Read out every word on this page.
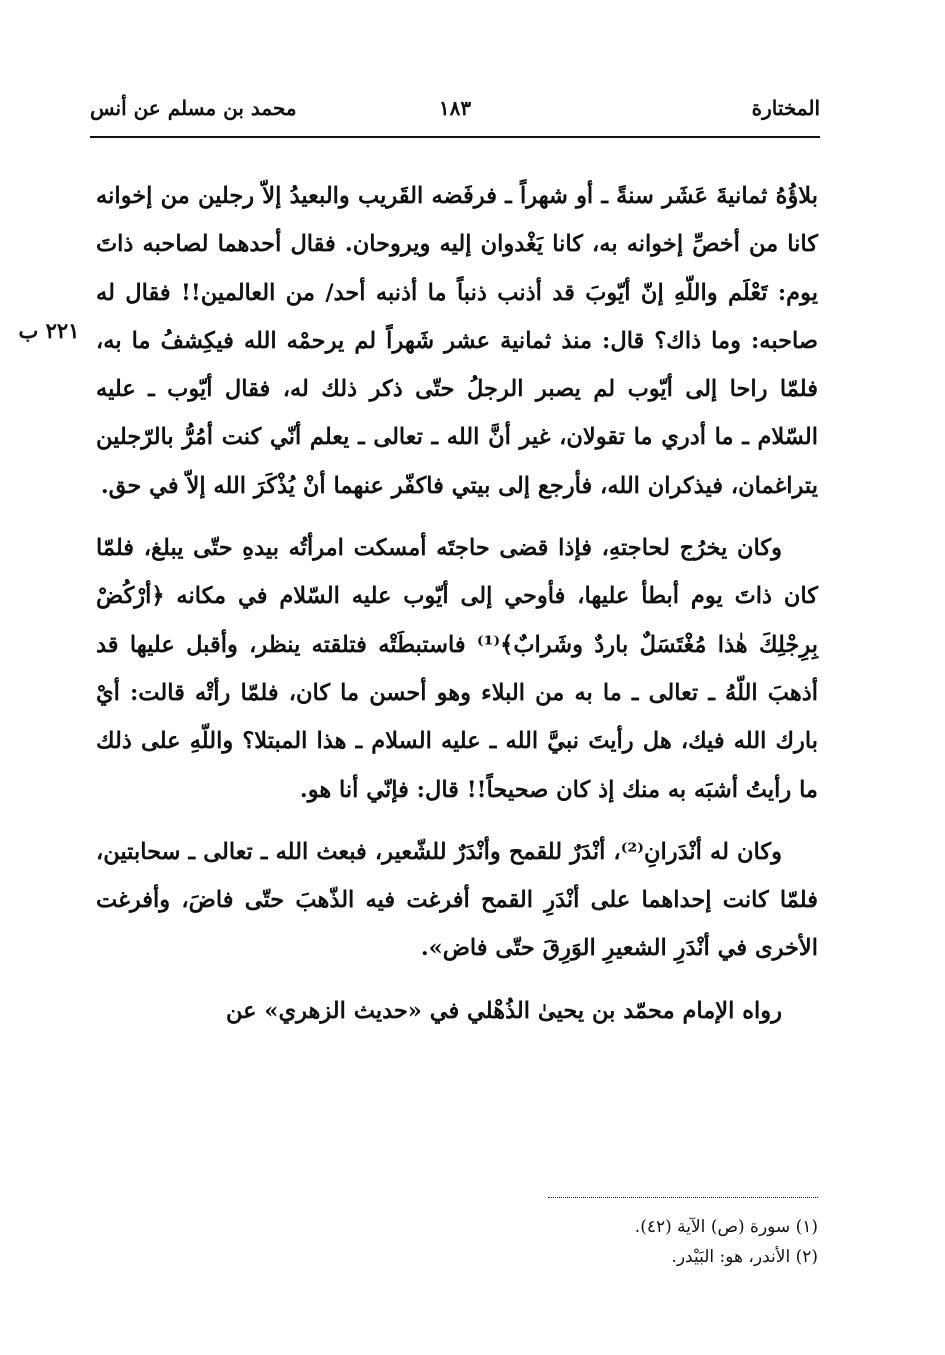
المختارة
١٨٣
محمد بن مسلم عن أنس
٢٢١ ب

بلاؤُهُ ثمانيةَ عَشَر سنةً ـ أو شهراً ـ فرفَضه القَريب والبعيدُ إلاّ رجلين من إخوانه كانا من أخصِّ إخوانه به، كانا يَغْدوان إليه ويروحان. فقال أحدهما لصاحبه ذاتَ يوم: تَعْلَم واللّهِ إنّ أيّوبَ قد أذنب ذنباً ما أذنبه أحد/ من العالمين!! فقال له صاحبه: وما ذاك؟ قال: منذ ثمانية عشر شَهراً لم يرحمْه الله فيكِشفُ ما به، فلمّا راحا إلى أيّوب لم يصبر الرجلُ حتّى ذكر ذلك له، فقال أيّوب ـ عليه السّلام ـ ما أدري ما تقولان، غير أنَّ الله ـ تعالى ـ يعلم أنّي كنت أمُرُّ بالرّجلين يتراغمان، فيذكران الله، فأرجع إلى بيتي فاكفّر عنهما أنْ يُذْكَرَ الله إلاّ في حق.

وكان يخرُج لحاجتهِ، فإذا قضى حاجتَه أمسكت امرأتُه بيدهِ حتّى يبلغ، فلمّا كان ذاتَ يوم أبطأ عليها، فأوحي إلى أيّوب عليه السّلام في مكانه ﴿أرْكُضْ بِرِجْلِكَ هٰذا مُغْتَسَلٌ باردٌ وشَرابٌ﴾⁽¹⁾ فاستبطَتْه فتلقته ينظر، وأقبل عليها قد أذهبَ اللّهُ ـ تعالى ـ ما به من البلاء وهو أحسن ما كان، فلمّا رأتْه قالت: أيْ بارك الله فيك، هل رأيتَ نبيَّ الله ـ عليه السلام ـ هذا المبتلا؟ واللّهِ على ذلك ما رأيتُ أشبَه به منك إذ كان صحيحاً!! قال: فإنّي أنا هو.

وكان له أنْدَرانِ⁽²⁾، أنْدَرٌ للقمح وأنْدَرٌ للشّعير، فبعث الله ـ تعالى ـ سحابتين، فلمّا كانت إحداهما على أنْدَرِ القمح أفرغت فيه الذّهبَ حتّى فاضَ، وأفرغت الأخرى في أنْدَرِ الشعيرِ الوَرِقَ حتّى فاض».

رواه الإمام محمّد بن يحيىٰ الذُهْلي في «حديث الزهري» عن

(١) سورة (ص) الآية (٤٢).
(٢) الأندر، هو: البَيْدر.
